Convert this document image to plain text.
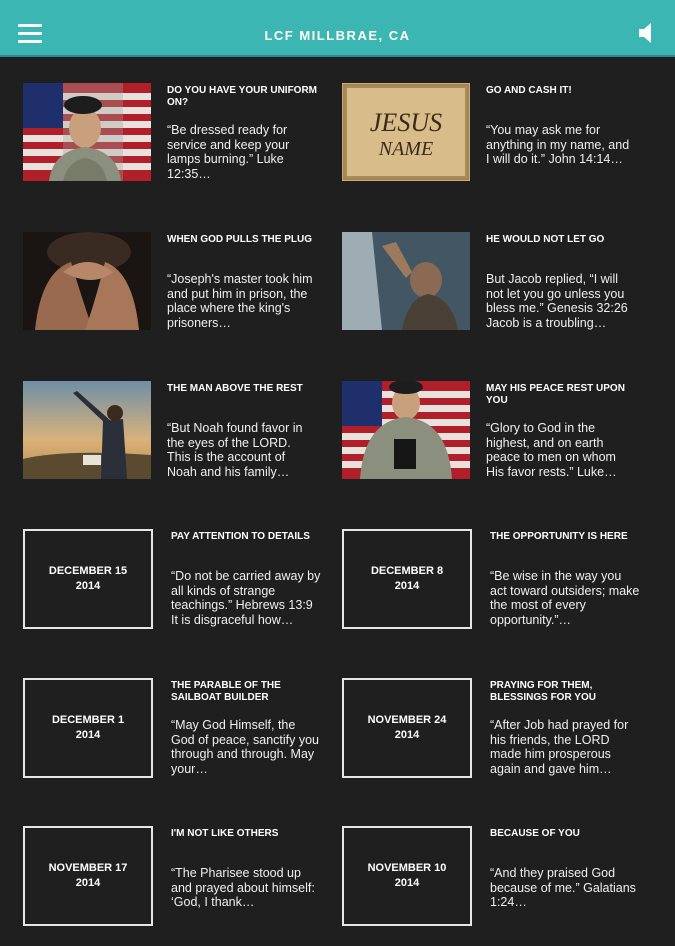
LCF MILLBRAE, CA
DO YOU HAVE YOUR UNIFORM ON?
“Be dressed ready for service and keep your lamps burning.” Luke 12:35…
JESUS
NAME
GO AND CASH IT!
“You may ask me for anything in my name, and I will do it.” John 14:14…
WHEN GOD PULLS THE PLUG
“Joseph's master took him and put him in prison, the place where the king's prisoners…
HE WOULD NOT LET GO
But Jacob replied, “I will not let you go unless you bless me.” Genesis 32:26 Jacob is a troubling…
THE MAN ABOVE THE REST
“But Noah found favor in the eyes of the LORD. This is the account of Noah and his family…
MAY HIS PEACE REST UPON YOU
“Glory to God in the highest, and on earth peace to men on whom His favor rests.” Luke…
DECEMBER 15
2014
PAY ATTENTION TO DETAILS
“Do not be carried away by all kinds of strange teachings.” Hebrews 13:9 It is disgraceful how…
DECEMBER 8
2014
THE OPPORTUNITY IS HERE
“Be wise in the way you act toward outsiders; make the most of every opportunity.”…
DECEMBER 1
2014
THE PARABLE OF THE SAILBOAT BUILDER
“May God Himself, the God of peace, sanctify you through and through. May your…
NOVEMBER 24
2014
PRAYING FOR THEM, BLESSINGS FOR YOU
“After Job had prayed for his friends, the LORD made him prosperous again and gave him…
NOVEMBER 17
2014
I'M NOT LIKE OTHERS
“The Pharisee stood up and prayed about himself: ‘God, I thank…
NOVEMBER 10
2014
BECAUSE OF YOU
“And they praised God because of me.” Galatians 1:24…
